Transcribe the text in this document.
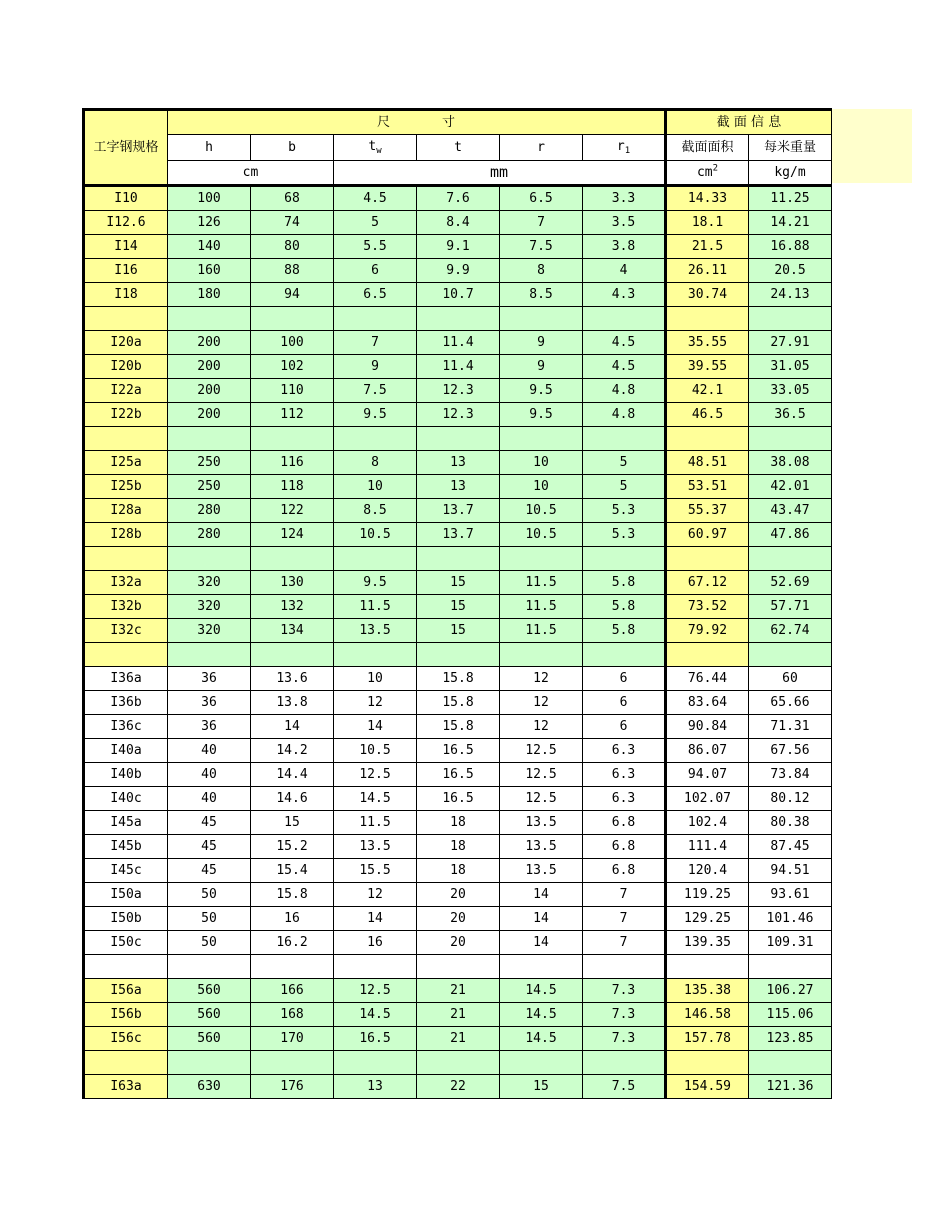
工字钢规格	尺　　　　寸						截 面 信 息	
	h	b	$t_w$	t	r	$r_1$	截面面积	每米重量
	cm		mm				$cm^2$	kg/m
I10	100	68	4.5	7.6	6.5	3.3	14.33	11.25
I12.6	126	74	5	8.4	7	3.5	18.1	14.21
I14	140	80	5.5	9.1	7.5	3.8	21.5	16.88
I16	160	88	6	9.9	8	4	26.11	20.5
I18	180	94	6.5	10.7	8.5	4.3	30.74	24.13

I20a	200	100	7	11.4	9	4.5	35.55	27.91
I20b	200	102	9	11.4	9	4.5	39.55	31.05
I22a	200	110	7.5	12.3	9.5	4.8	42.1	33.05
I22b	200	112	9.5	12.3	9.5	4.8	46.5	36.5

I25a	250	116	8	13	10	5	48.51	38.08
I25b	250	118	10	13	10	5	53.51	42.01
I28a	280	122	8.5	13.7	10.5	5.3	55.37	43.47
I28b	280	124	10.5	13.7	10.5	5.3	60.97	47.86

I32a	320	130	9.5	15	11.5	5.8	67.12	52.69
I32b	320	132	11.5	15	11.5	5.8	73.52	57.71
I32c	320	134	13.5	15	11.5	5.8	79.92	62.74

I36a	36	13.6	10	15.8	12	6	76.44	60
I36b	36	13.8	12	15.8	12	6	83.64	65.66
I36c	36	14	14	15.8	12	6	90.84	71.31
I40a	40	14.2	10.5	16.5	12.5	6.3	86.07	67.56
I40b	40	14.4	12.5	16.5	12.5	6.3	94.07	73.84
I40c	40	14.6	14.5	16.5	12.5	6.3	102.07	80.12
I45a	45	15	11.5	18	13.5	6.8	102.4	80.38
I45b	45	15.2	13.5	18	13.5	6.8	111.4	87.45
I45c	45	15.4	15.5	18	13.5	6.8	120.4	94.51
I50a	50	15.8	12	20	14	7	119.25	93.61
I50b	50	16	14	20	14	7	129.25	101.46
I50c	50	16.2	16	20	14	7	139.35	109.31

I56a	560	166	12.5	21	14.5	7.3	135.38	106.27
I56b	560	168	14.5	21	14.5	7.3	146.58	115.06
I56c	560	170	16.5	21	14.5	7.3	157.78	123.85

I63a	630	176	13	22	15	7.5	154.59	121.36
